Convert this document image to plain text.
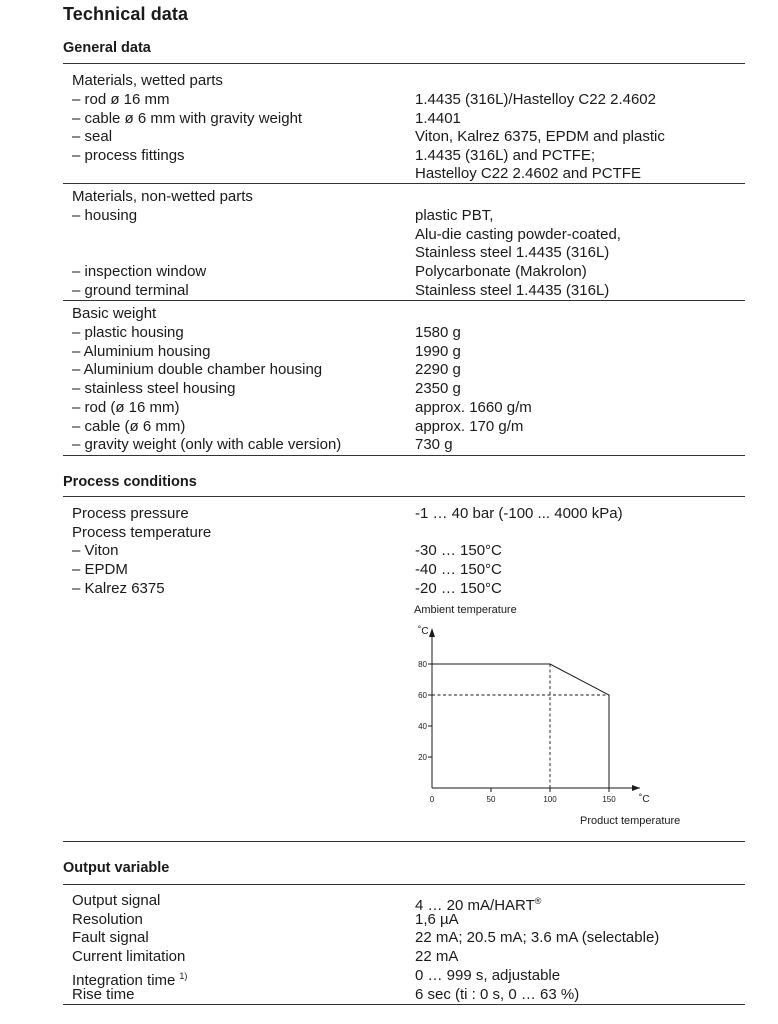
Technical data
General data
Materials, wetted parts
– rod ø 16 mm	1.4435 (316L)/Hastelloy C22 2.4602
– cable ø 6 mm with gravity weight	1.4401
– seal	Viton, Kalrez 6375, EPDM and plastic
– process fittings	1.4435 (316L) and PCTFE;
Hastelloy C22 2.4602 and PCTFE
Materials, non-wetted parts
– housing	plastic PBT,
Alu-die casting powder-coated,
Stainless steel 1.4435 (316L)
– inspection window	Polycarbonate (Makrolon)
– ground terminal	Stainless steel 1.4435 (316L)
Basic weight
– plastic housing	1580 g
– Aluminium housing	1990 g
– Aluminium double chamber housing	2290 g
– stainless steel housing	2350 g
– rod (ø 16 mm)	approx. 1660 g/m
– cable (ø 6 mm)	approx. 170 g/m
– gravity weight (only with cable version)	730 g
Process conditions
Process pressure	-1 … 40 bar (-100 ... 4000 kPa)
Process temperature
– Viton	-30 … 150°C
– EPDM	-40 … 150°C
– Kalrez 6375	-20 … 150°C
Ambient temperature
˚C
˚C
Product temperature
20
40
60
80
0	50	100	150
Output variable
Output signal	4 … 20 mA/HART®
Resolution	1,6 µA
Fault signal	22 mA; 20.5 mA; 3.6 mA (selectable)
Current limitation	22 mA
Integration time $^{1)}$	0 … 999 s, adjustable
Rise time	6 sec (ti : 0 s, 0 … 63 %)
